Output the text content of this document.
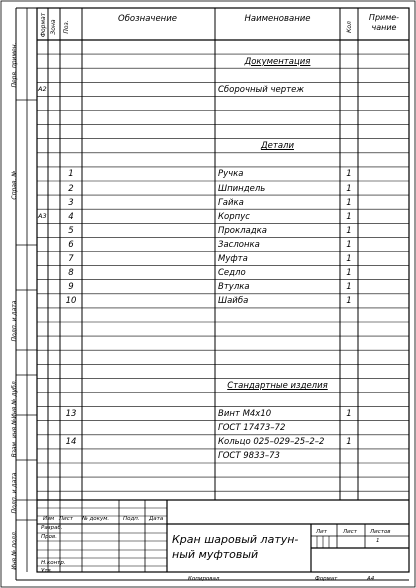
Документация
А2	Сборочный чертеж
Детали
1	Ручка	1
2	Шпиндель	1
3	Гайка	1
А3	4	Корпус	1
5	Прокладка	1
6	Заслонка	1
7	Муфта	1
8	Седло	1
9	Втулка	1
10	Шайба	1
Стандартные изделия
13	Винт М4х10	1
ГОСТ 17473–72
14	Кольцо 025–029–25–2–2	1
ГОСТ 9833–73
Обозначение	Наименование	Приме-
чание
Формат Зона Поз.	Кол
Перв. примен.
Справ. №
Подп. и дата
Инв.№ дубл.
Взам. инв.№
Подп. и дата
Инв.№ подл.
Изм Лист № докум.	Подп. Дата
Разраб.
Пров.
Н.контр.
Утв.
Кран шаровый латун-
ный муфтовый
Лит	Лист Листов
1
Копировал	Формат	А4
